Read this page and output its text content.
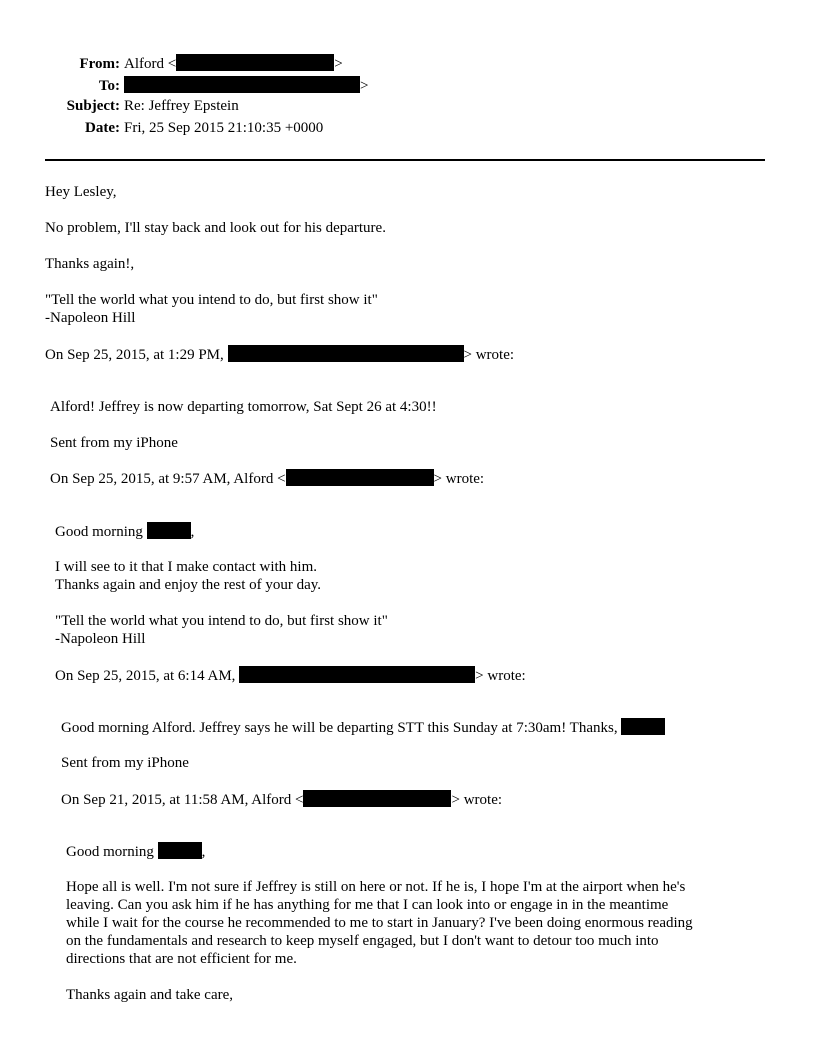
From: Alford <	>
To:	>
Subject: Re: Jeffrey Epstein
Date: Fri, 25 Sep 2015 21:10:35 +0000
Hey Lesley,
No problem, I'll stay back and look out for his departure.
Thanks again!,
"Tell the world what you intend to do, but first show it"
-Napoleon Hill
On Sep 25, 2015, at 1:29 PM,	> wrote:
Alford! Jeffrey is now departing tomorrow, Sat Sept 26 at 4:30!!
Sent from my iPhone
On Sep 25, 2015, at 9:57 AM, Alford <	> wrote:
Good morning	,
I will see to it that I make contact with him.
Thanks again and enjoy the rest of your day.
"Tell the world what you intend to do, but first show it"
-Napoleon Hill
On Sep 25, 2015, at 6:14 AM,	> wrote:
Good morning Alford. Jeffrey says he will be departing STT this Sunday at 7:30am! Thanks,
Sent from my iPhone
On Sep 21, 2015, at 11:58 AM, Alford <	> wrote:
Good morning	,
Hope all is well. I'm not sure if Jeffrey is still on here or not. If he is, I hope I'm at the airport when he's
leaving. Can you ask him if he has anything for me that I can look into or engage in in the meantime
while I wait for the course he recommended to me to start in January? I've been doing enormous reading
on the fundamentals and research to keep myself engaged, but I don't want to detour too much into
directions that are not efficient for me.
Thanks again and take care,
